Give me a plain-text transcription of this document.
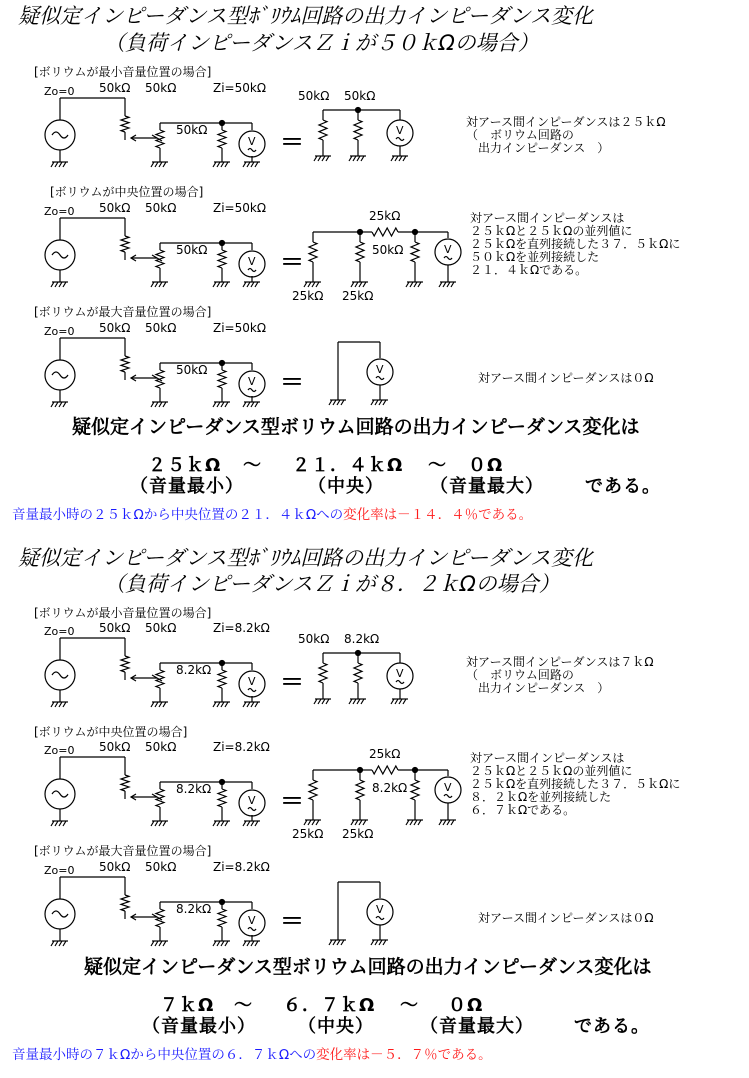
疑似定インピーダンス型ﾎﾞﾘｳﾑ回路の出力インピーダンス変化
（負荷インピーダンスＺｉが５０ｋΩの場合）
[ボリウムが最小音量位置の場合]
[ボリウムが中央位置の場合]
[ボリウムが最大音量位置の場合]
疑似定インピーダンス型ボリウム回路の出力インピーダンス変化は
２５ｋΩ ～ ２１．４ｋΩ ～ ０Ω
（音量最小）	（中央）	（音量最大） である。
音量最小時の２５ｋΩから中央位置の２１．４ｋΩへの変化率は－１４．４％である。
疑似定インピーダンス型ﾎﾞﾘｳﾑ回路の出力インピーダンス変化
（負荷インピーダンスＺｉが８．２ｋΩの場合）
[ボリウムが最小音量位置の場合]
[ボリウムが中央位置の場合]
[ボリウムが最大音量位置の場合]
疑似定インピーダンス型ボリウム回路の出力インピーダンス変化は
７ｋΩ ～ ６．７ｋΩ ～ ０Ω
（音量最小） （中央）	（音量最大） である。
音量最小時の７ｋΩから中央位置の６．７ｋΩへの変化率は－５．７％である。
Zo=0 50kΩ 50kΩ	Zi=50kΩ
50kΩ
V ＝
50kΩ 50kΩ
V
対アース間インピーダンスは２５ｋΩ
（　ボリウム回路の
　出力インピーダンス　）
Zo=0 50kΩ 50kΩ	Zi=50kΩ
50kΩ
V ＝
25kΩ
50kΩ
25kΩ 25kΩ
V
対アース間インピーダンスは
２５ｋΩと２５ｋΩの並列値に
２５ｋΩを直列接続した３７．５ｋΩに
５０ｋΩを並列接続した
２１．４ｋΩである。
Zo=0 50kΩ 50kΩ	Zi=50kΩ
50kΩ
V ＝	V
対アース間インピーダンスは０Ω
Zo=0 50kΩ 50kΩ	Zi=8.2kΩ
8.2kΩ
V ＝
50kΩ 8.2kΩ
V
対アース間インピーダンスは７ｋΩ
（　ボリウム回路の
　出力インピーダンス　）
Zo=0 50kΩ 50kΩ	Zi=8.2kΩ
8.2kΩ
V ＝
25kΩ
8.2kΩ
25kΩ 25kΩ
V
対アース間インピーダンスは
２５ｋΩと２５ｋΩの並列値に
２５ｋΩを直列接続した３７．５ｋΩに
８．２ｋΩを並列接続した
６．７ｋΩである。
Zo=0 50kΩ 50kΩ	Zi=8.2kΩ
8.2kΩ
V ＝	V
対アース間インピーダンスは０Ω
